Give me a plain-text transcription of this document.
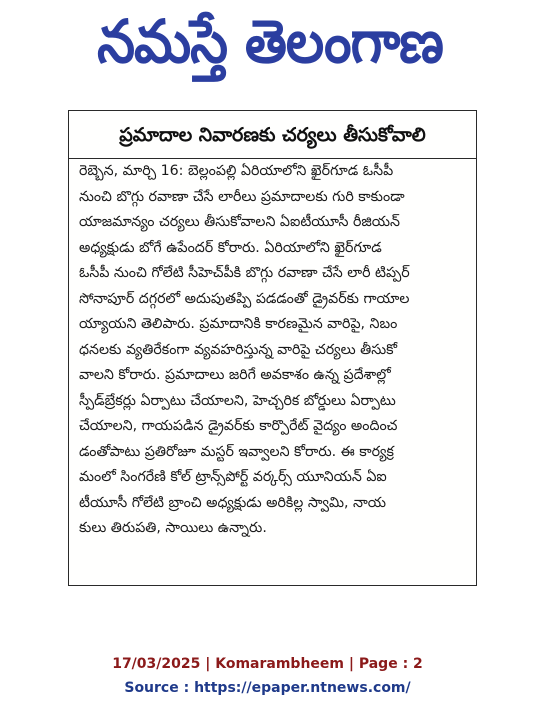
నమస్తే తెలంగాణ
ప్రమాదాల నివారణకు చర్యలు తీసుకోవాలి
రెబ్బెన, మార్చి 16: బెల్లంపల్లి ఏరియాలోని ఖైర్‌గూడ ఓసీపీ
నుంచి బొగ్గు రవాణా చేసే లారీలు ప్రమాదాలకు గురి కాకుండా
యాజమాన్యం చర్యలు తీసుకోవాలని ఏఐటీయూసీ రీజియన్
అధ్యక్షుడు బోగే ఉపేందర్ కోరారు. ఏరియాలోని ఖైర్‌గూడ
ఓసీపీ నుంచి గోలేటి సీహెచ్‌పీకి బొగ్గు రవాణా చేసే లారీ టిప్పర్
సోనాపూర్ దగ్గరలో అదుపుతప్పి పడడంతో డ్రైవర్‌కు గాయాల
య్యాయని తెలిపారు. ప్రమాదానికి కారణమైన వారిపై, నిబం
ధనలకు వ్యతిరేకంగా వ్యవహరిస్తున్న వారిపై చర్యలు తీసుకో
వాలని కోరారు. ప్రమాదాలు జరిగే అవకాశం ఉన్న ప్రదేశాల్లో
స్పీడ్‌బ్రేకర్లు ఏర్పాటు చేయాలని, హెచ్చరిక బోర్డులు ఏర్పాటు
చేయాలని, గాయపడిన డ్రైవర్‌కు కార్పొరేట్ వైద్యం అందించ
డంతోపాటు ప్రతిరోజూ మస్టర్ ఇవ్వాలని కోరారు. ఈ కార్యక్ర
మంలో సింగరేణి కోల్ ట్రాన్స్‌పోర్ట్ వర్కర్స్ యూనియన్ ఏఐ
టీయూసీ గోలేటి బ్రాంచి అధ్యక్షుడు అరికిల్ల స్వామి, నాయ
కులు తిరుపతి, సాయిలు ఉన్నారు.
17/03/2025 | Komarambheem | Page : 2
Source : https://epaper.ntnews.com/
